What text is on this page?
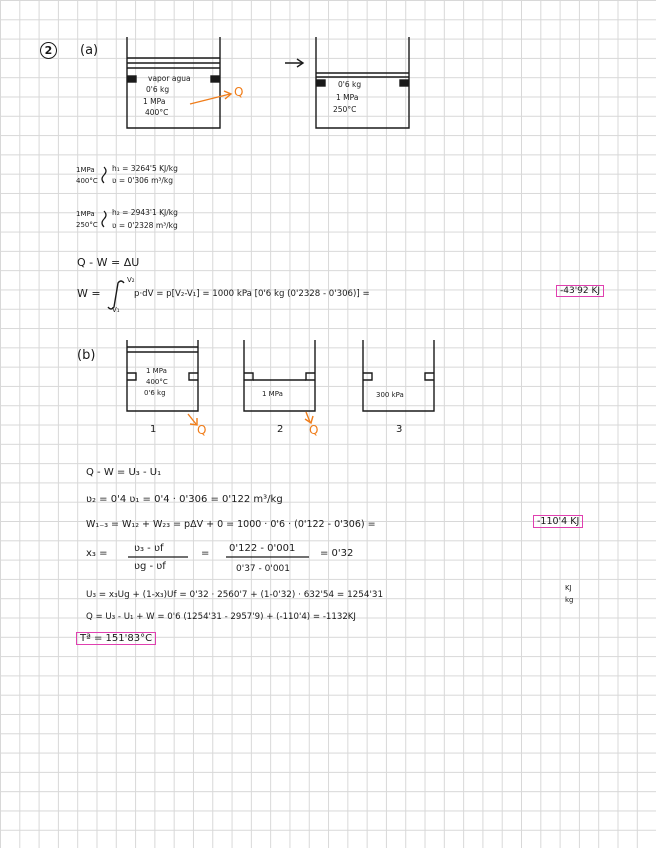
2	(a)
vapor agua
0'6 kg
1 MPa
400°C
Q
0'6 kg
1 MPa
250°C
1MPa
400°C
h₁ = 3264'5 KJ/kg
ʋ = 0'306 m³/kg
1MPa
250°C
h₂ = 2943'1 KJ/kg
ʋ = 0'2328 m³/kg
Q - W = ΔU
W =
V₂
V₁
p·dV = p[V₂-V₁] = 1000 kPa [0'6 kg (0'2328 - 0'306)] =	-43'92 KJ
(b)
1 MPa
400°C
0'6 kg	1 MPa	300 kPa
1	2	3
Q	Q
Q - W = U₃ - U₁
ʋ₂ = 0'4 ʋ₁ = 0'4 · 0'306 = 0'122 m³/kg
W₁₋₃ = W₁₂ + W₂₃ = pΔV + 0 = 1000 · 0'6 · (0'122 - 0'306) =	-110'4 KJ
x₃ =	ʋ₃ - ʋf
ʋg - ʋf
= 0'122 - 0'001
0'37 - 0'001
= 0'32
U₃ = x₃Ug + (1-x₃)Uf = 0'32 · 2560'7 + (1-0'32) · 632'54 = 1254'31
KJ
kg
Q = U₃ - U₁ + W = 0'6 (1254'31 - 2957'9) + (-110'4) = -1132KJ
Tª = 151'83°C
